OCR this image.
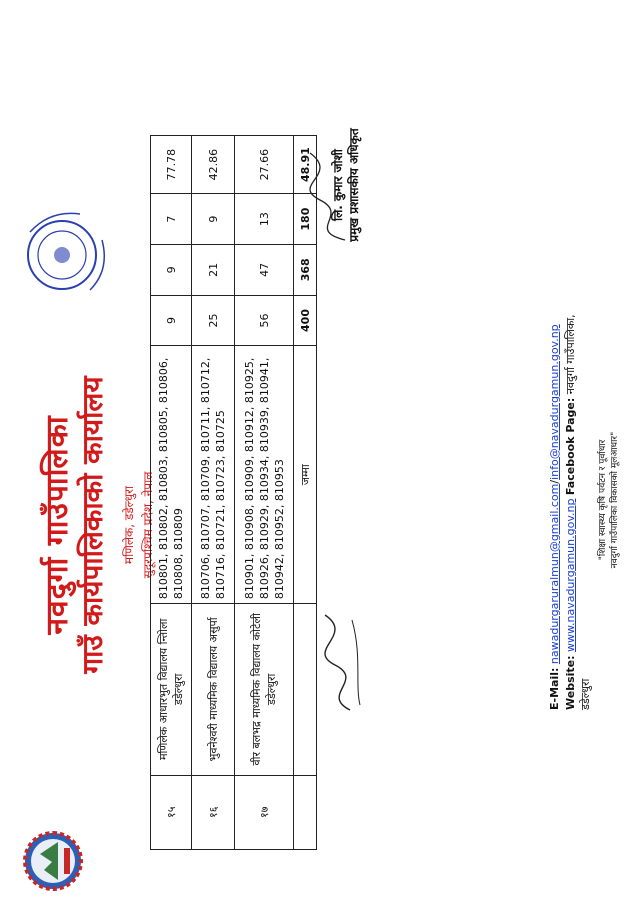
नवदुर्गा गाउँपालिका गाउँ कार्यपालिकाको कार्यालय मणिलेक, डडेल्धुरा सुदूरपश्चिम प्रदेश, नेपाल
१५	मणिलेक आधारभुत विद्यालय न्तिोला डडेल्धुरा	810801, 810802, 810803, 810805, 810806, 810808, 810809	9	9	7	77.78
१६	भुवनेश्वरी माध्यमिक विद्यालय असुर्पा	810706, 810707, 810709, 810711, 810712, 810716, 810721, 810723, 810725	25	21	9	42.86
१७	वीर बलभद्र माध्यमिक विद्यालय कोटेली डडेल्धुरा	810901, 810908, 810909, 810912, 810925, 810926, 810929, 810934, 810939, 810941, 810942, 810952, 810953	56	47	13	27.66
		जम्मा	400	368	180	48.91 लि. कुमार जोशी प्रमुख प्रशासकीय अधिकृत
E-Mail: nawadurgaruralmun@gmail.com/info@navadurgamun.gov.np
Website: www.navadurgamun.gov.np Facebook Page: नवदुर्गा गाउँपालिका, डडेल्धुरा
"शिक्षा स्वास्थ्य कृषि पर्यटन र पूर्वाधार नवदुर्गा गाउँपालिका विकासको मूलआधार"
